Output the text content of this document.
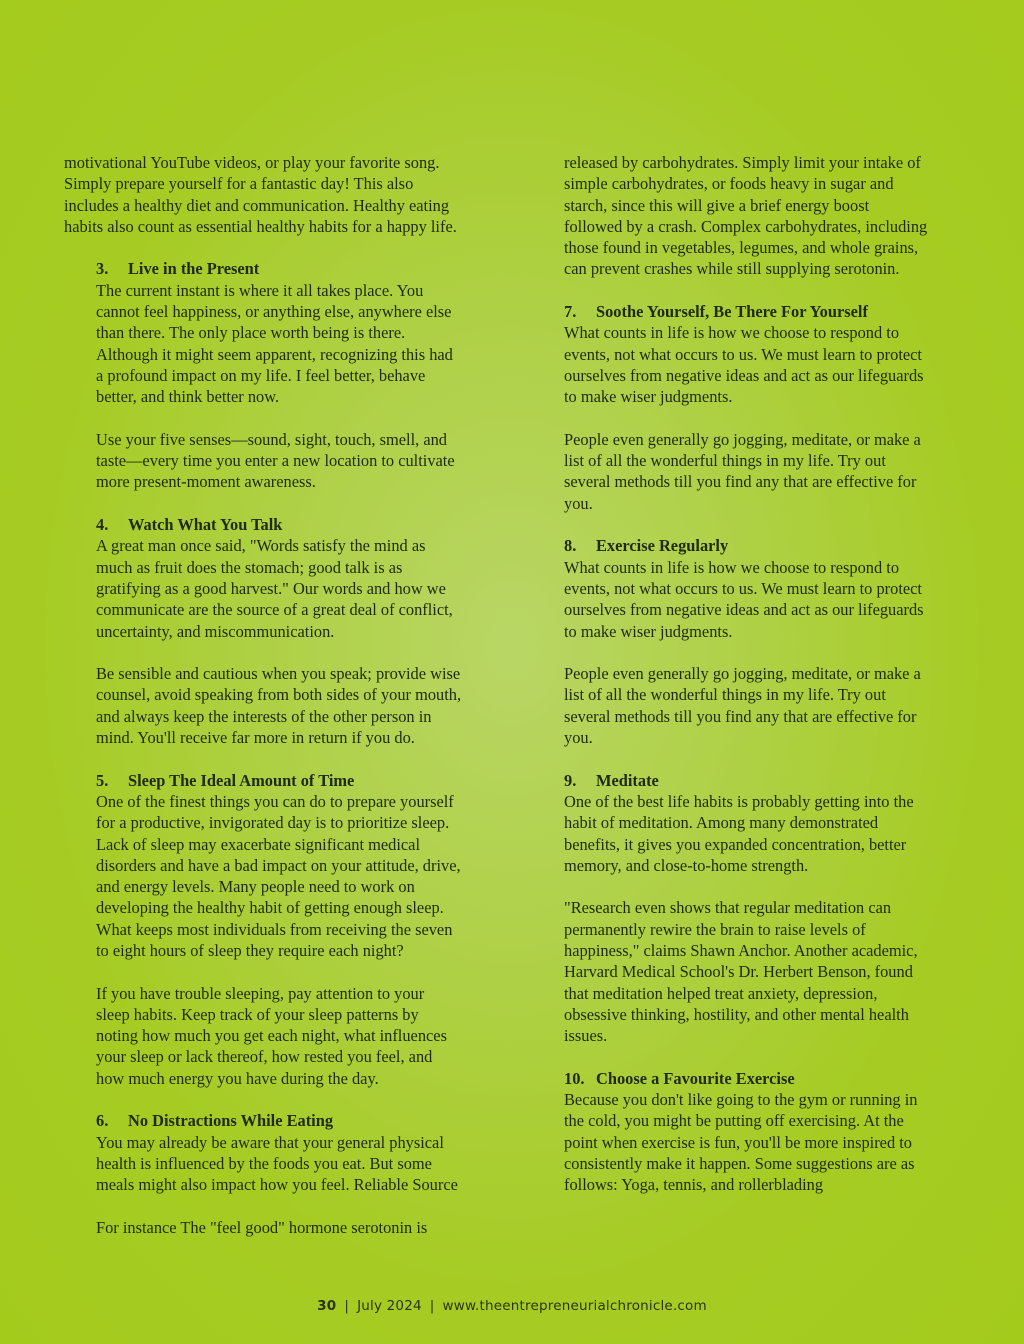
motivational YouTube videos, or play your favorite song.
Simply prepare yourself for a fantastic day! This also
includes a healthy diet and communication. Healthy eating
habits also count as essential healthy habits for a happy life.

3. Live in the Present

The current instant is where it all takes place. You
cannot feel happiness, or anything else, anywhere else
than there. The only place worth being is there.
Although it might seem apparent, recognizing this had
a profound impact on my life. I feel better, behave
better, and think better now.

Use your five senses—sound, sight, touch, smell, and
taste—every time you enter a new location to cultivate
more present-moment awareness.

4. Watch What You Talk

A great man once said, "Words satisfy the mind as
much as fruit does the stomach; good talk is as
gratifying as a good harvest." Our words and how we
communicate are the source of a great deal of conflict,
uncertainty, and miscommunication.

Be sensible and cautious when you speak; provide wise
counsel, avoid speaking from both sides of your mouth,
and always keep the interests of the other person in
mind. You'll receive far more in return if you do.

5. Sleep The Ideal Amount of Time

One of the finest things you can do to prepare yourself
for a productive, invigorated day is to prioritize sleep.
Lack of sleep may exacerbate significant medical
disorders and have a bad impact on your attitude, drive,
and energy levels. Many people need to work on
developing the healthy habit of getting enough sleep.
What keeps most individuals from receiving the seven
to eight hours of sleep they require each night?

If you have trouble sleeping, pay attention to your
sleep habits. Keep track of your sleep patterns by
noting how much you get each night, what influences
your sleep or lack thereof, how rested you feel, and
how much energy you have during the day.

6. No Distractions While Eating

You may already be aware that your general physical
health is influenced by the foods you eat. But some
meals might also impact how you feel. Reliable Source

For instance The "feel good" hormone serotonin is

released by carbohydrates. Simply limit your intake of
simple carbohydrates, or foods heavy in sugar and
starch, since this will give a brief energy boost
followed by a crash. Complex carbohydrates, including
those found in vegetables, legumes, and whole grains,
can prevent crashes while still supplying serotonin.

7. Soothe Yourself, Be There For Yourself

What counts in life is how we choose to respond to
events, not what occurs to us. We must learn to protect
ourselves from negative ideas and act as our lifeguards
to make wiser judgments.

People even generally go jogging, meditate, or make a
list of all the wonderful things in my life. Try out
several methods till you find any that are effective for
you.

8. Exercise Regularly

What counts in life is how we choose to respond to
events, not what occurs to us. We must learn to protect
ourselves from negative ideas and act as our lifeguards
to make wiser judgments.

People even generally go jogging, meditate, or make a
list of all the wonderful things in my life. Try out
several methods till you find any that are effective for
you.

9. Meditate

One of the best life habits is probably getting into the
habit of meditation. Among many demonstrated
benefits, it gives you expanded concentration, better
memory, and close-to-home strength.

"Research even shows that regular meditation can
permanently rewire the brain to raise levels of
happiness," claims Shawn Anchor. Another academic,
Harvard Medical School's Dr. Herbert Benson, found
that meditation helped treat anxiety, depression,
obsessive thinking, hostility, and other mental health
issues.

10. Choose a Favourite Exercise

Because you don't like going to the gym or running in
the cold, you might be putting off exercising. At the
point when exercise is fun, you'll be more inspired to
consistently make it happen. Some suggestions are as
follows: Yoga, tennis, and rollerblading

30 | July 2024 | www.theentrepreneurialchronicle.com
